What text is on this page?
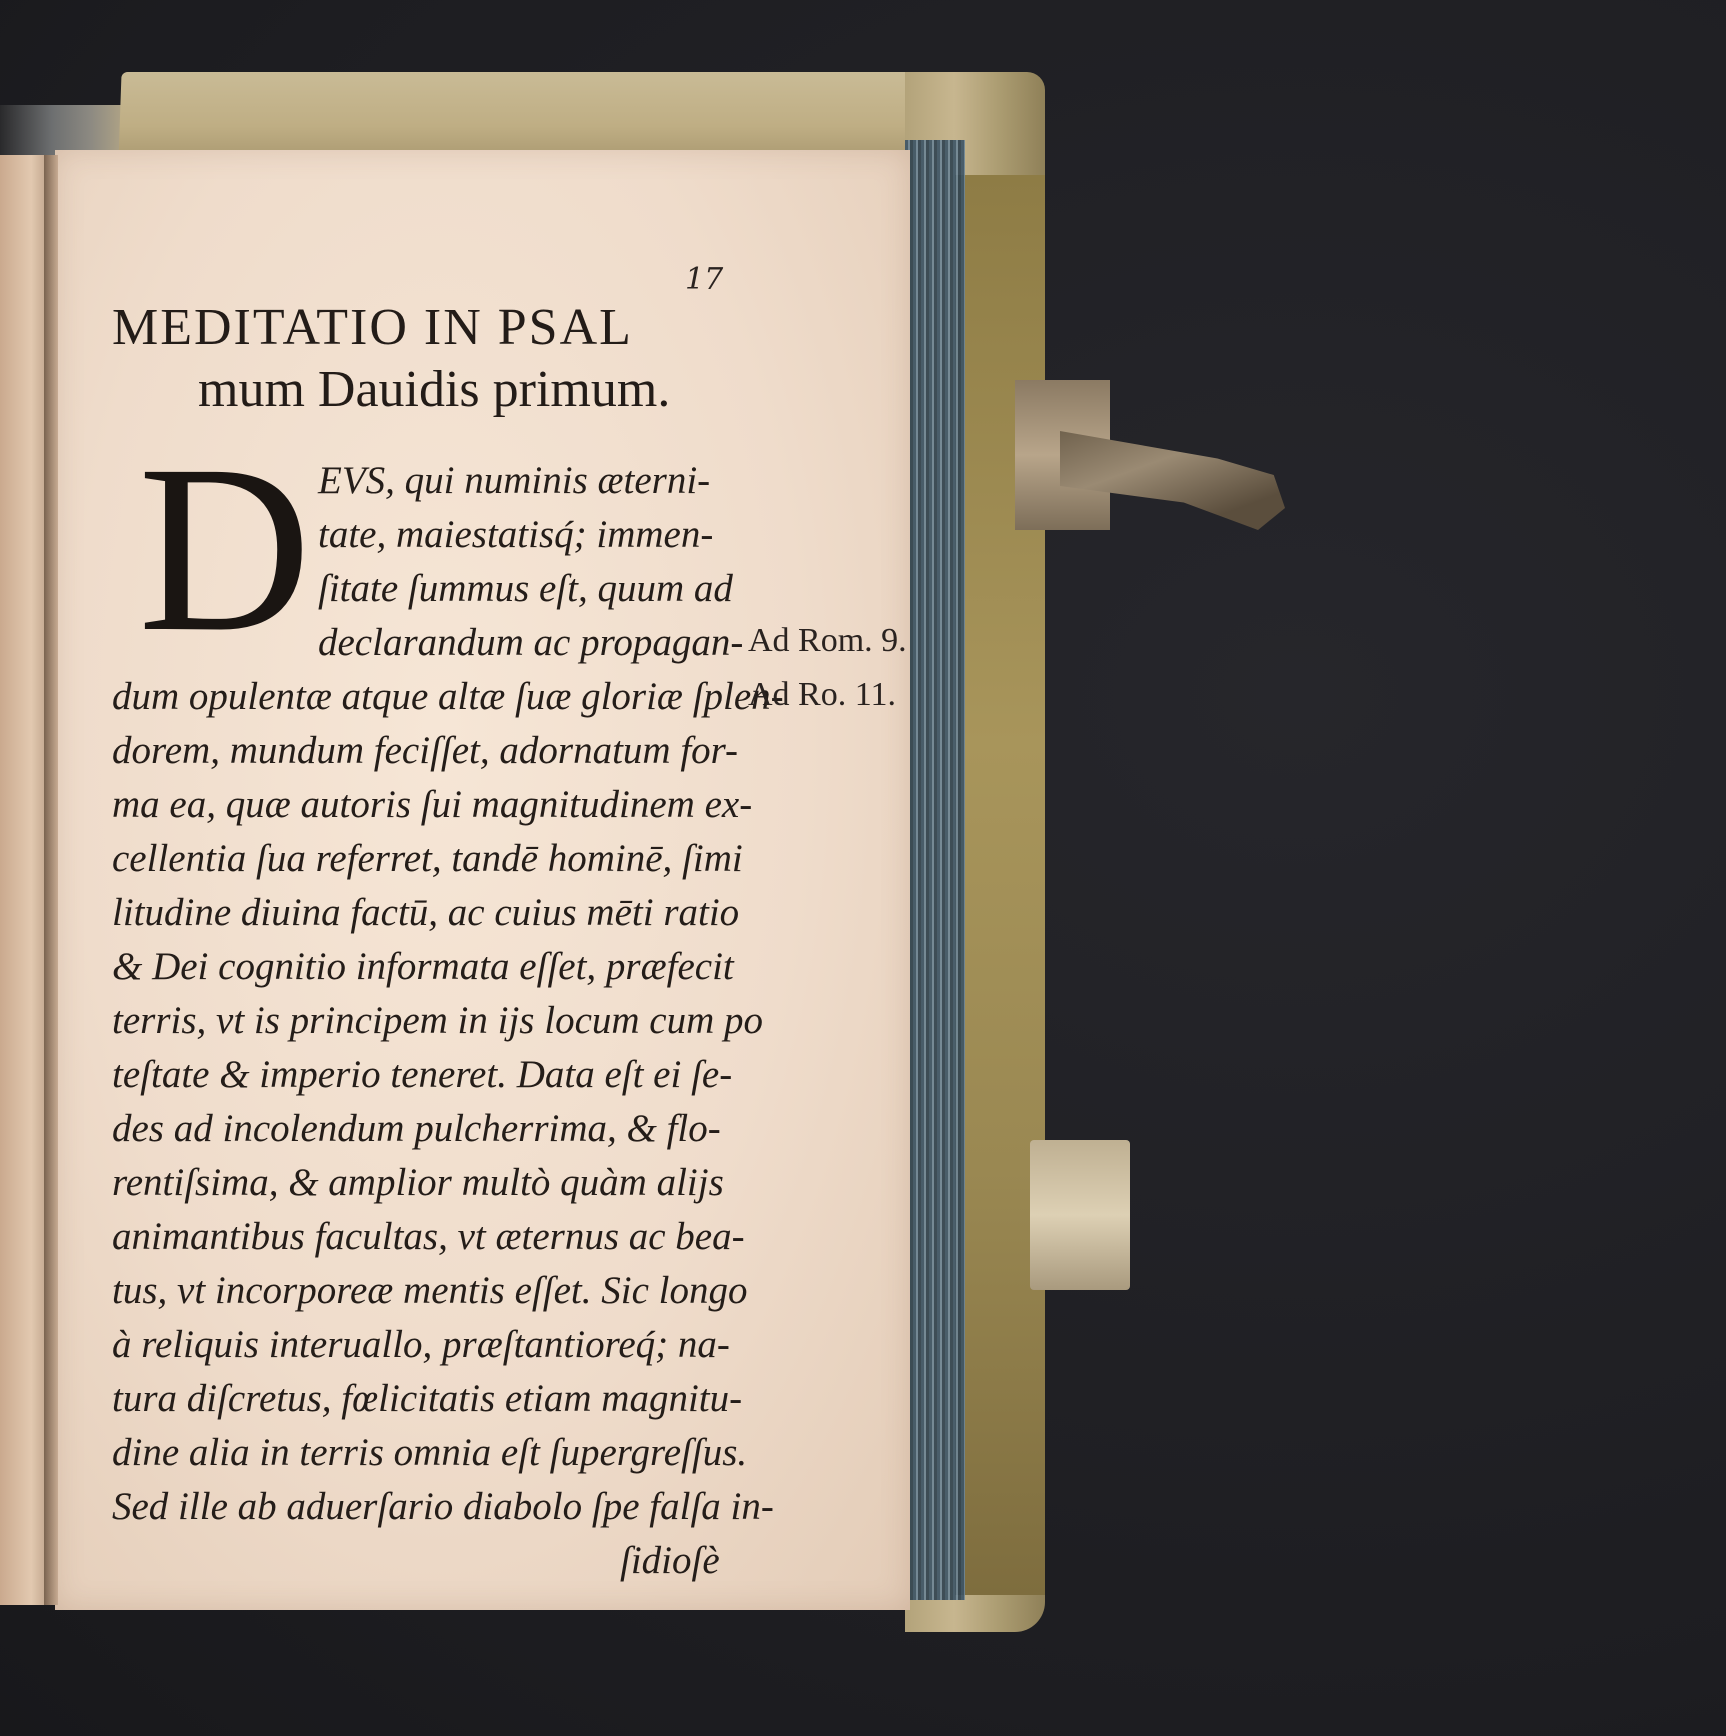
17

MEDITATIO IN PSAL

mum Dauidis primum.

D EVS, qui numinis æterni-

tate, maiestatisq́; immen-

ſitate ſummus eſt, quum ad

declarandum ac propagan-

dum opulentæ atque altæ ſuæ gloriæ ſplen-

dorem, mundum feciſſet, adornatum for-

ma ea, quæ autoris ſui magnitudinem ex-

cellentia ſua referret, tandē hominē, ſimi

litudine diuina factū, ac cuius mēti ratio

& Dei cognitio informata eſſet, præfecit

terris, vt is principem in ijs locum cum po

teſtate & imperio teneret. Data eſt ei ſe-

des ad incolendum pulcherrima, & flo-

rentiſsima, & amplior multò quàm alijs

animantibus facultas, vt æternus ac bea-

tus, vt incorporeæ mentis eſſet. Sic longo

à reliquis interuallo, præſtantioreq́; na-

tura diſcretus, fœlicitatis etiam magnitu-

dine alia in terris omnia eſt ſupergreſſus.

Sed ille ab aduerſario diabolo ſpe falſa in-

ſidioſè

Ad Rom. 9.

Ad Ro. 11.
